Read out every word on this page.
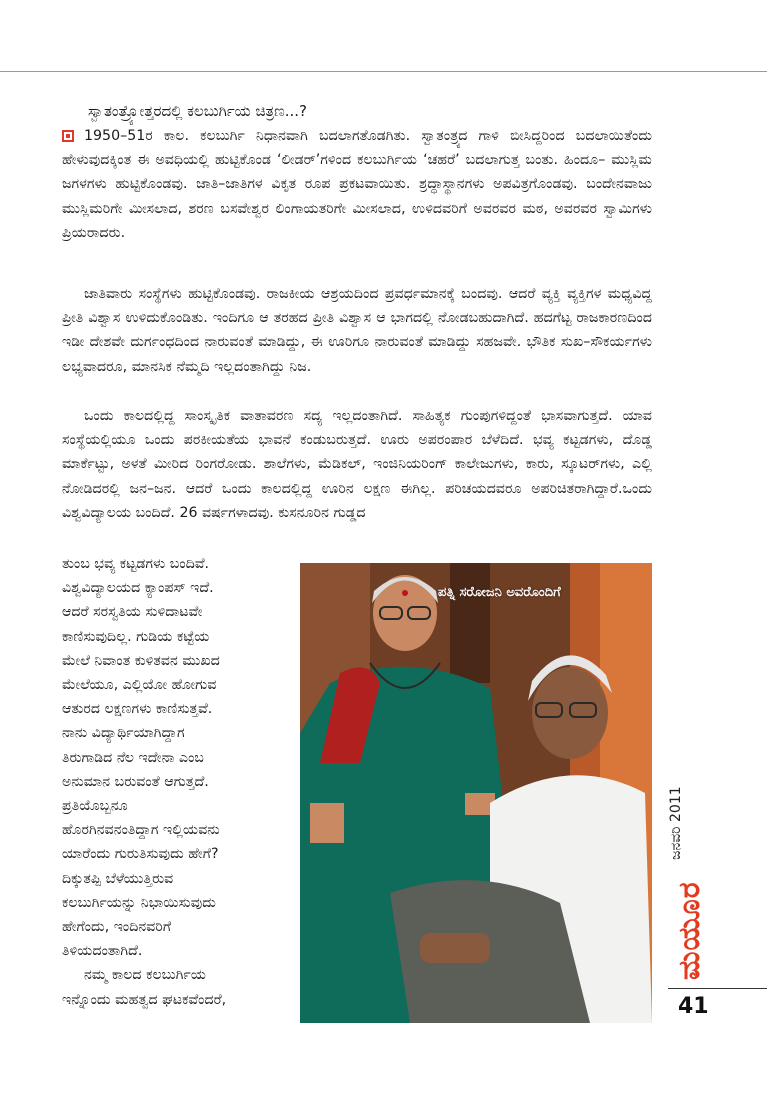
ಸ್ವಾತಂತ್ರ್ಯೋತ್ತರದಲ್ಲಿ ಕಲಬುರ್ಗಿಯ ಚಿತ್ರಣ...?
1950–51ರ ಕಾಲ. ಕಲಬುರ್ಗಿ ನಿಧಾನವಾಗಿ ಬದಲಾಗತೊಡಗಿತು. ಸ್ವಾತಂತ್ರ್ಯದ ಗಾಳಿ ಬೀಸಿದ್ದರಿಂದ ಬದಲಾಯಿತೆಂದು ಹೇಳುವುದಕ್ಕಿಂತ ಈ ಅವಧಿಯಲ್ಲಿ ಹುಟ್ಟಿಕೊಂಡ ‘ಲೀಡರ್’ಗಳಿಂದ ಕಲಬುರ್ಗಿಯ ‘ಚಹರೆ’ ಬದಲಾಗುತ್ತ ಬಂತು. ಹಿಂದೂ– ಮುಸ್ಲಿಮ ಜಗಳಗಳು ಹುಟ್ಟಿಕೊಂಡವು. ಜಾತಿ–ಜಾತಿಗಳ ವಿಕೃತ ರೂಪ ಪ್ರಕಟವಾಯಿತು. ಶ್ರದ್ಧಾಸ್ಥಾನಗಳು ಅಪವಿತ್ರಗೊಂಡವು. ಬಂದೇನವಾಜು ಮುಸ್ಲಿಮರಿಗೇ ಮೀಸಲಾದ, ಶರಣ ಬಸವೇಶ್ವರ ಲಿಂಗಾಯತರಿಗೇ ಮೀಸಲಾದ, ಉಳಿದವರಿಗೆ ಅವರವರ ಮಠ, ಅವರವರ ಸ್ವಾಮಿಗಳು ಪ್ರಿಯರಾದರು.
ಜಾತಿವಾರು ಸಂಸ್ಥೆಗಳು ಹುಟ್ಟಿಕೊಂಡವು. ರಾಜಕೀಯ ಆಶ್ರಯದಿಂದ ಪ್ರವರ್ಧಮಾನಕ್ಕೆ ಬಂದವು. ಆದರೆ ವ್ಯಕ್ತಿ ವ್ಯಕ್ತಿಗಳ ಮಧ್ಯವಿದ್ದ ಪ್ರೀತಿ ವಿಶ್ವಾಸ ಉಳಿದುಕೊಂಡಿತು. ಇಂದಿಗೂ ಆ ತರಹದ ಪ್ರೀತಿ ವಿಶ್ವಾಸ ಆ ಭಾಗದಲ್ಲಿ ನೋಡಬಹುದಾಗಿದೆ. ಹದಗೆಟ್ಟ ರಾಜಕಾರಣದಿಂದ ಇಡೀ ದೇಶವೇ ದುರ್ಗಂಧದಿಂದ ನಾರುವಂತೆ ಮಾಡಿದ್ದು, ಈ ಊರಿಗೂ ನಾರುವಂತೆ ಮಾಡಿದ್ದು ಸಹಜವೇ. ಭೌತಿಕ ಸುಖ–ಸೌಕರ್ಯಗಳು ಲಭ್ಯವಾದರೂ, ಮಾನಸಿಕ ನೆಮ್ಮದಿ ಇಲ್ಲದಂತಾಗಿದ್ದು ನಿಜ.
ಒಂದು ಕಾಲದಲ್ಲಿದ್ದ ಸಾಂಸ್ಕೃತಿಕ ವಾತಾವರಣ ಸದ್ಯ ಇಲ್ಲದಂತಾಗಿದೆ. ಸಾಹಿತ್ಯಕ ಗುಂಪುಗಳಿದ್ದಂತೆ ಭಾಸವಾಗುತ್ತದೆ. ಯಾವ ಸಂಸ್ಥೆಯಲ್ಲಿಯೂ ಒಂದು ಪರಕೀಯತೆಯ ಭಾವನೆ ಕಂಡುಬರುತ್ತದೆ. ಊರು ಅಪರಂಪಾರ ಬೆಳೆದಿದೆ. ಭವ್ಯ ಕಟ್ಟಡಗಳು, ದೊಡ್ಡ ಮಾರ್ಕೆಟ್ಟು, ಅಳತೆ ಮೀರಿದ ರಿಂಗರೋಡು. ಶಾಲೆಗಳು, ಮೆಡಿಕಲ್, ಇಂಜಿನಿಯರಿಂಗ್ ಕಾಲೇಜುಗಳು, ಕಾರು, ಸ್ಕೂಟರ್‌ಗಳು, ಎಲ್ಲಿ ನೋಡಿದರಲ್ಲಿ ಜನ–ಜನ. ಆದರೆ ಒಂದು ಕಾಲದಲ್ಲಿದ್ದ ಊರಿನ ಲಕ್ಷಣ ಈಗಿಲ್ಲ. ಪರಿಚಯದವರೂ ಅಪರಿಚಿತರಾಗಿದ್ದಾರೆ.ಒಂದು ವಿಶ್ವವಿದ್ಯಾಲಯ ಬಂದಿದೆ. 26 ವರ್ಷಗಳಾದವು. ಕುಸನೂರಿನ ಗುಡ್ಡದ
ತುಂಬ ಭವ್ಯ ಕಟ್ಟಡಗಳು ಬಂದಿವೆ.
ವಿಶ್ವವಿದ್ಯಾಲಯದ ಕ್ಯಾಂಪಸ್ ಇದೆ.
ಆದರೆ ಸರಸ್ವತಿಯ ಸುಳಿದಾಟವೇ
ಕಾಣಿಸುವುದಿಲ್ಲ. ಗುಡಿಯ ಕಟ್ಟೆಯ
ಮೇಲೆ ನಿವಾಂತ ಕುಳಿತವನ ಮುಖದ
ಮೇಲೆಯೂ, ಎಲ್ಲಿಯೋ ಹೋಗುವ
ಆತುರದ ಲಕ್ಷಣಗಳು ಕಾಣಿಸುತ್ತವೆ.
ನಾನು ವಿದ್ಯಾರ್ಥಿಯಾಗಿದ್ದಾಗ
ತಿರುಗಾಡಿದ ನೆಲ ಇದೇನಾ ಎಂಬ
ಅನುಮಾನ ಬರುವಂತೆ ಆಗುತ್ತದೆ.
ಪ್ರತಿಯೊಬ್ಬನೂ
ಹೊರಗಿನವನಂತಿದ್ದಾಗ ಇಲ್ಲಿಯವನು
ಯಾರೆಂದು ಗುರುತಿಸುವುದು ಹೇಗೆ?
ದಿಕ್ಕುತಪ್ಪಿ ಬೆಳೆಯುತ್ತಿರುವ
ಕಲಬುರ್ಗಿಯನ್ನು ನಿಭಾಯಿಸುವುದು
ಹೇಗೆಂದು, ಇಂದಿನವರಿಗೆ
ತಿಳಿಯದಂತಾಗಿದೆ.
ನಮ್ಮ ಕಾಲದ ಕಲಬುರ್ಗಿಯ
ಇನ್ನೊಂದು ಮಹತ್ವದ ಘಟಕವೆಂದರೆ,
ಪತ್ನಿ ಸರೋಜನಿ ಅವರೊಂದಿಗೆ
ಜನವರಿ 2011
ಮಯೂರ
41
